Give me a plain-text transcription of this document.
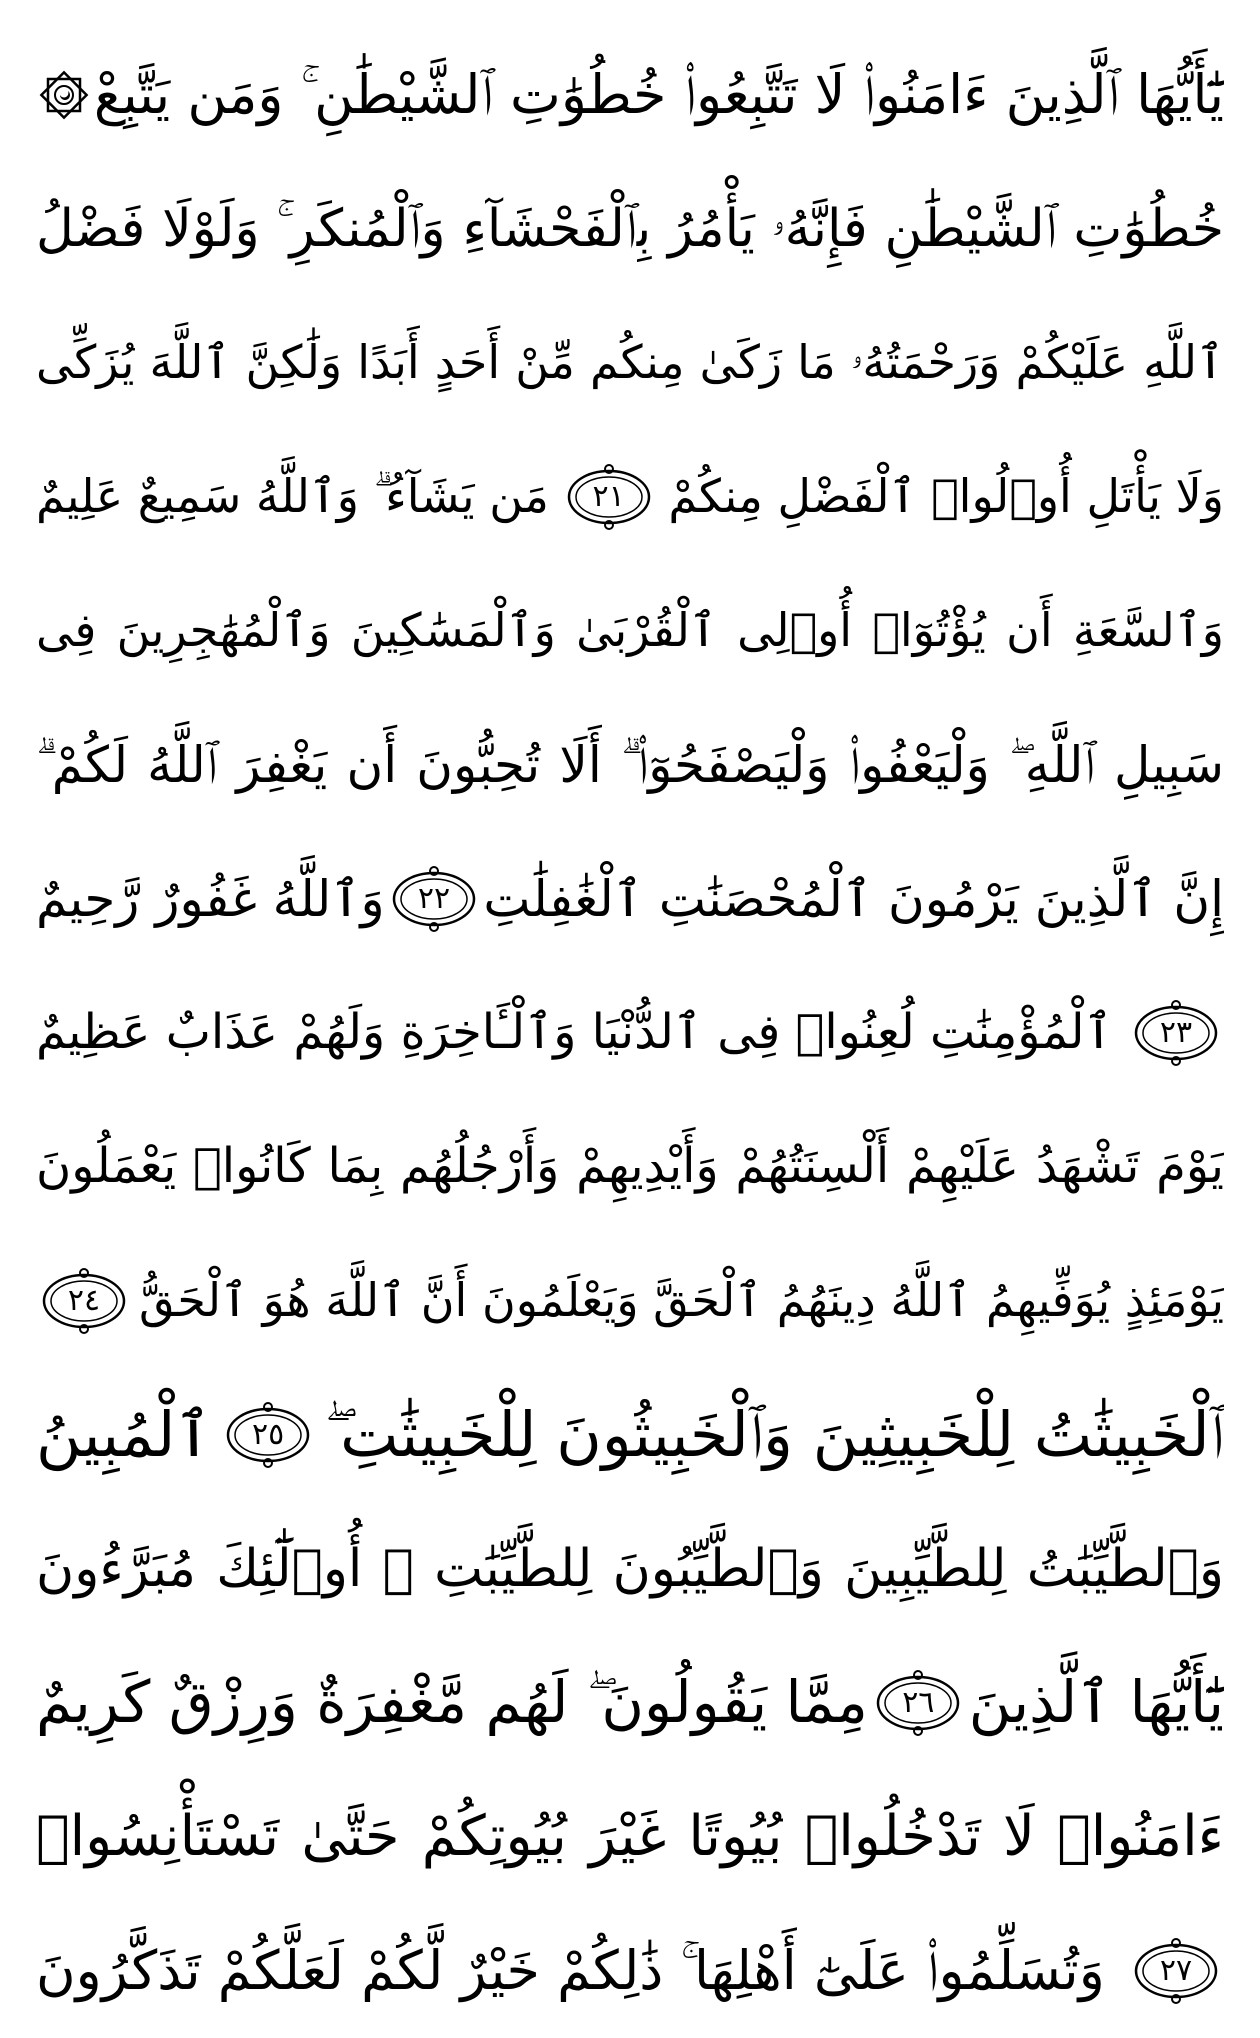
يَٰٓأَيُّهَا ٱلَّذِينَ ءَامَنُوا۟ لَا تَتَّبِعُوا۟ خُطُوَٰتِ ٱلشَّيْطَٰنِ ۚ وَمَن يَتَّبِعْ
خُطُوَٰتِ ٱلشَّيْطَٰنِ فَإِنَّهُۥ يَأْمُرُ بِٱلْفَحْشَآءِ وَٱلْمُنكَرِ ۚ وَلَوْلَا فَضْلُ
ٱللَّهِ عَلَيْكُمْ وَرَحْمَتُهُۥ مَا زَكَىٰ مِنكُم مِّنْ أَحَدٍ أَبَدًا وَلَٰكِنَّ ٱللَّهَ يُزَكِّى
مَن يَشَآءُ ۗ وَٱللَّهُ سَمِيعٌ عَلِيمٌ ٢١ وَلَا يَأْتَلِ أُو۟لُوا۟ ٱلْفَضْلِ مِنكُمْ
وَٱلسَّعَةِ أَن يُؤْتُوٓا۟ أُو۟لِى ٱلْقُرْبَىٰ وَٱلْمَسَٰكِينَ وَٱلْمُهَٰجِرِينَ فِى
سَبِيلِ ٱللَّهِ ۖ وَلْيَعْفُوا۟ وَلْيَصْفَحُوٓا۟ ۗ أَلَا تُحِبُّونَ أَن يَغْفِرَ ٱللَّهُ لَكُمْ ۗ
وَٱللَّهُ غَفُورٌ رَّحِيمٌ ٢٢ إِنَّ ٱلَّذِينَ يَرْمُونَ ٱلْمُحْصَنَٰتِ ٱلْغَٰفِلَٰتِ
ٱلْمُؤْمِنَٰتِ لُعِنُوا۟ فِى ٱلدُّنْيَا وَٱلْـَٔاخِرَةِ وَلَهُمْ عَذَابٌ عَظِيمٌ ٢٣
يَوْمَ تَشْهَدُ عَلَيْهِمْ أَلْسِنَتُهُمْ وَأَيْدِيهِمْ وَأَرْجُلُهُم بِمَا كَانُوا۟ يَعْمَلُونَ
٢٤ يَوْمَئِذٍ يُوَفِّيهِمُ ٱللَّهُ دِينَهُمُ ٱلْحَقَّ وَيَعْلَمُونَ أَنَّ ٱللَّهَ هُوَ ٱلْحَقُّ
ٱلْمُبِينُ ٢٥ ٱلْخَبِيثَٰتُ لِلْخَبِيثِينَ وَٱلْخَبِيثُونَ لِلْخَبِيثَٰتِ ۖ
وَٱلطَّيِّبَٰتُ لِلطَّيِّبِينَ وَٱلطَّيِّبُونَ لِلطَّيِّبَٰتِ ۚ أُو۟لَٰٓئِكَ مُبَرَّءُونَ
مِمَّا يَقُولُونَ ۖ لَهُم مَّغْفِرَةٌ وَرِزْقٌ كَرِيمٌ ٢٦ يَٰٓأَيُّهَا ٱلَّذِينَ
ءَامَنُوا۟ لَا تَدْخُلُوا۟ بُيُوتًا غَيْرَ بُيُوتِكُمْ حَتَّىٰ تَسْتَأْنِسُوا۟
وَتُسَلِّمُوا۟ عَلَىٰٓ أَهْلِهَا ۚ ذَٰلِكُمْ خَيْرٌ لَّكُمْ لَعَلَّكُمْ تَذَكَّرُونَ ٢٧
